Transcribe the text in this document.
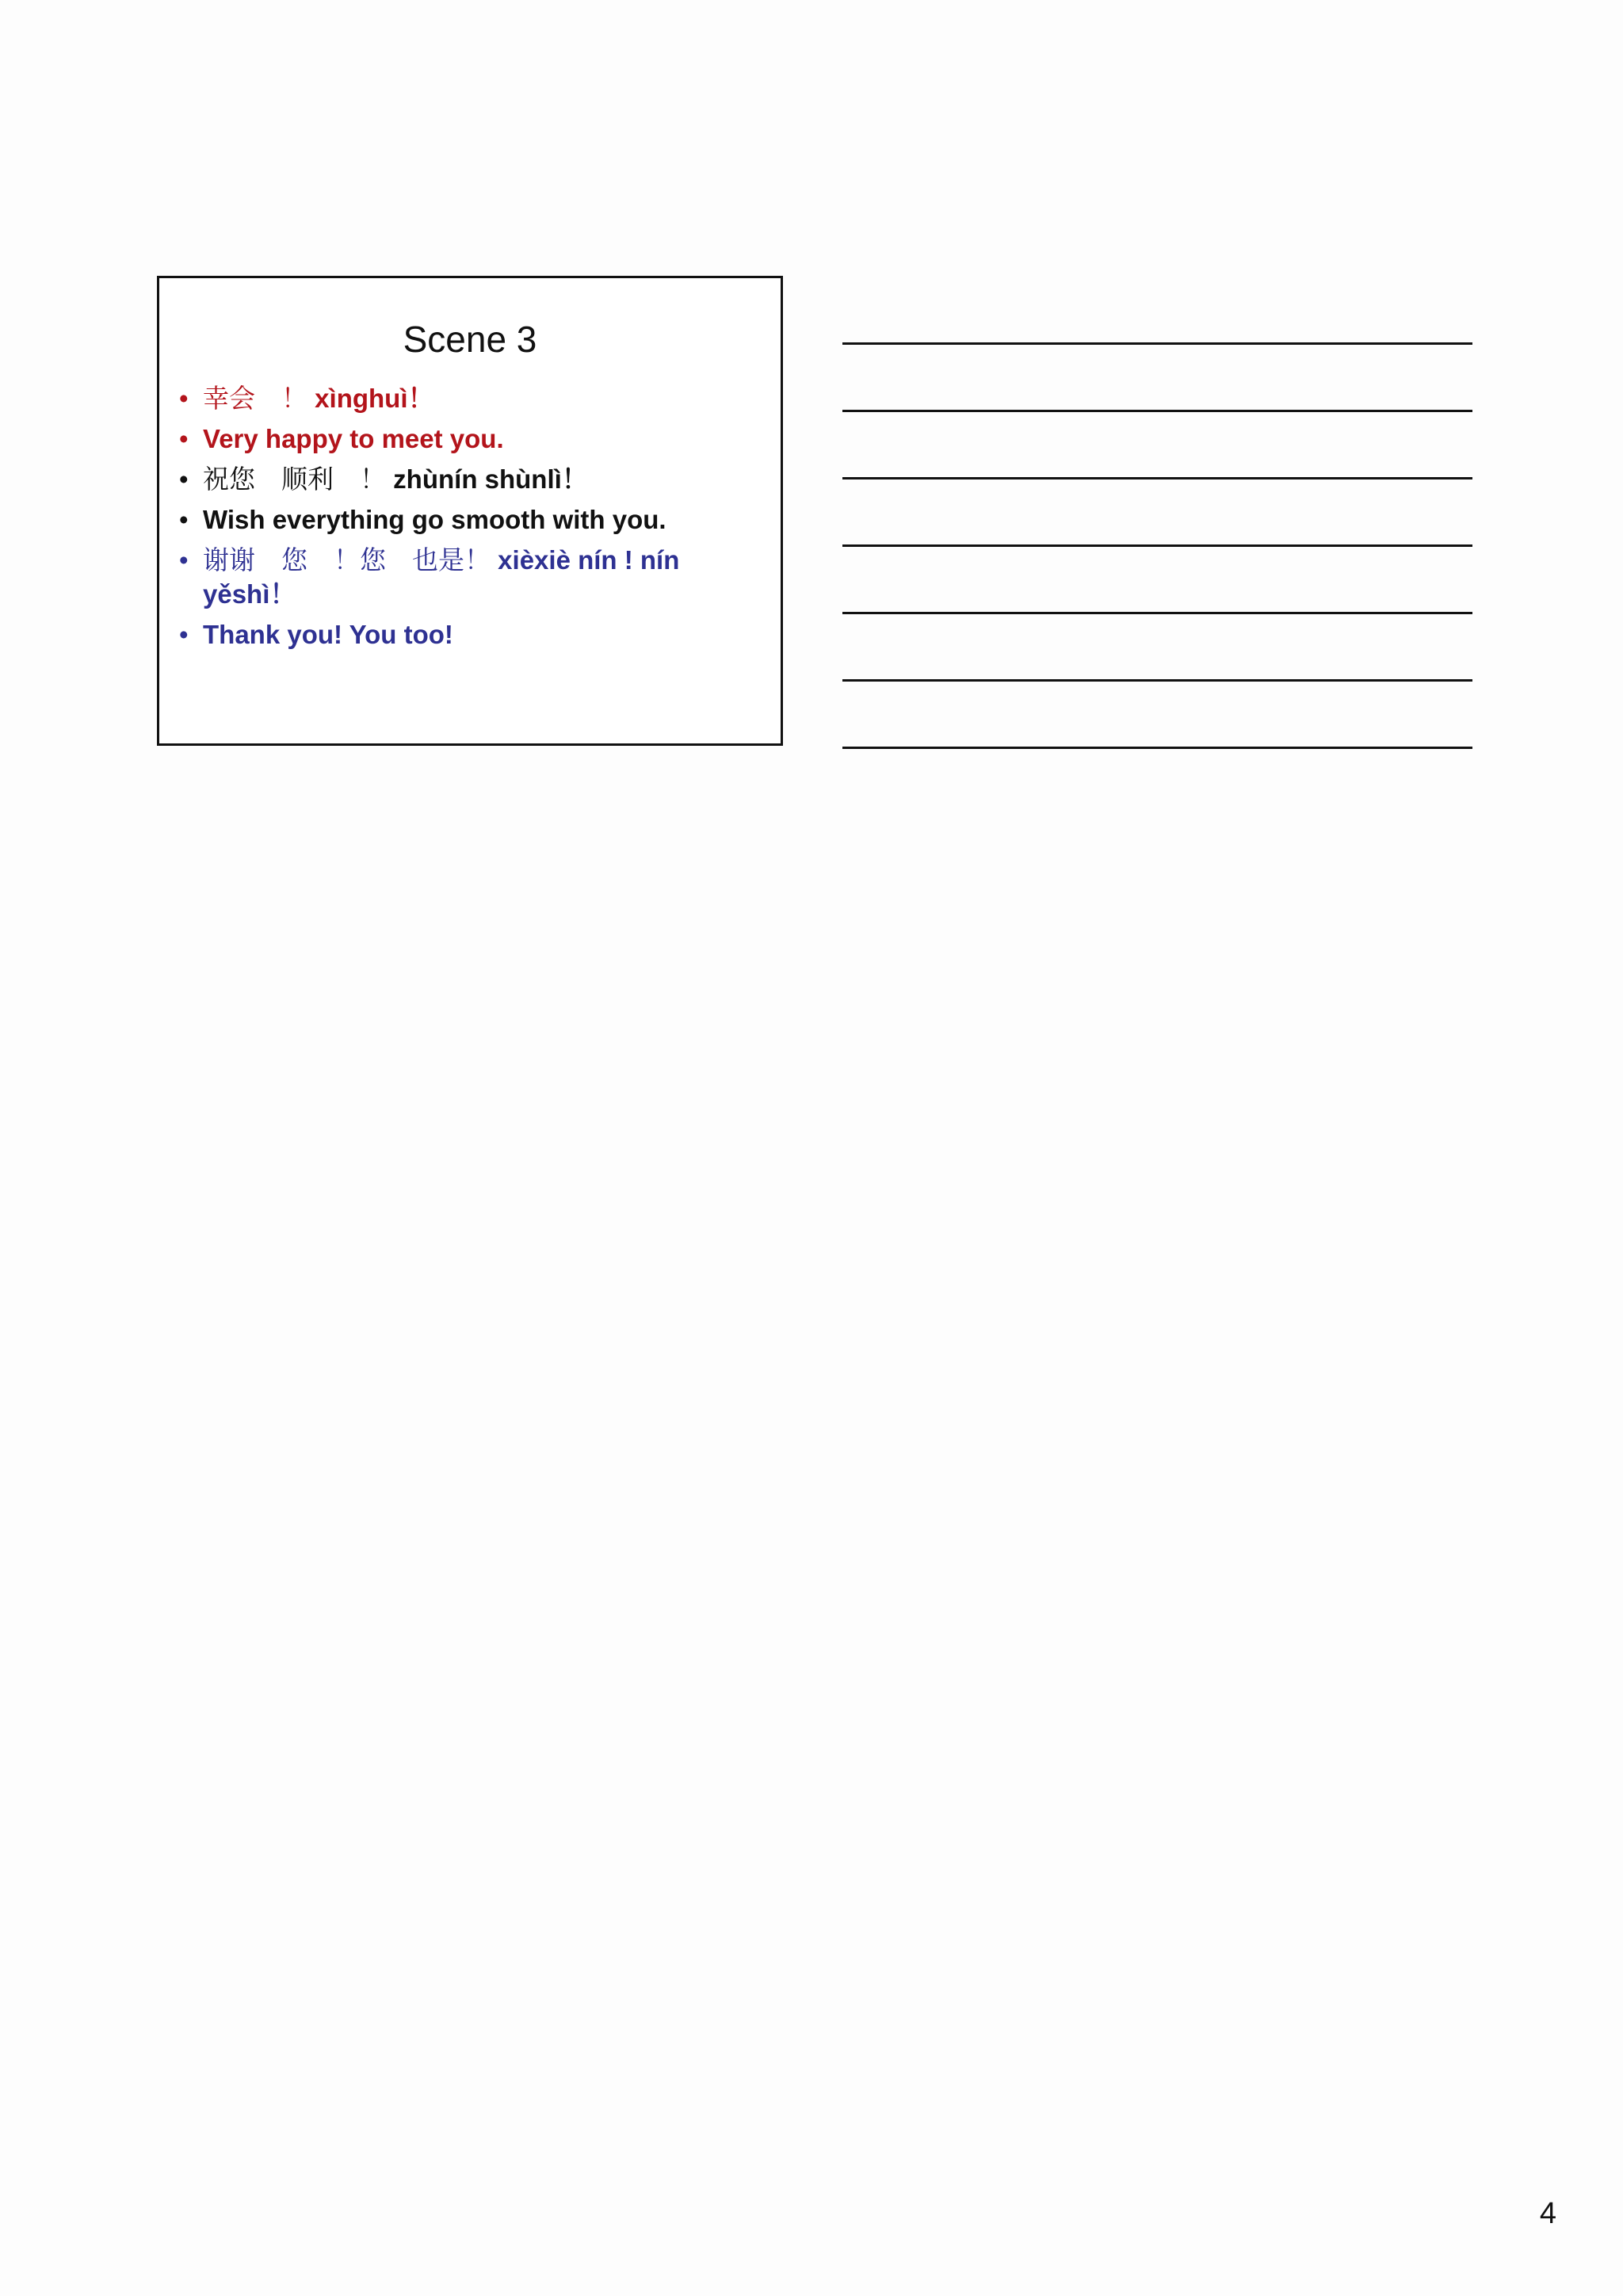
Scene 3
• 幸会　！ xìnghuì！
• Very happy to meet you.
• 祝您　顺利　！ zhùnín shùnlì！
• Wish everything go smooth with you.
• 谢谢　您　！您　也是！ xièxiè nín ! nín yěshì！
• Thank you! You too!
4
